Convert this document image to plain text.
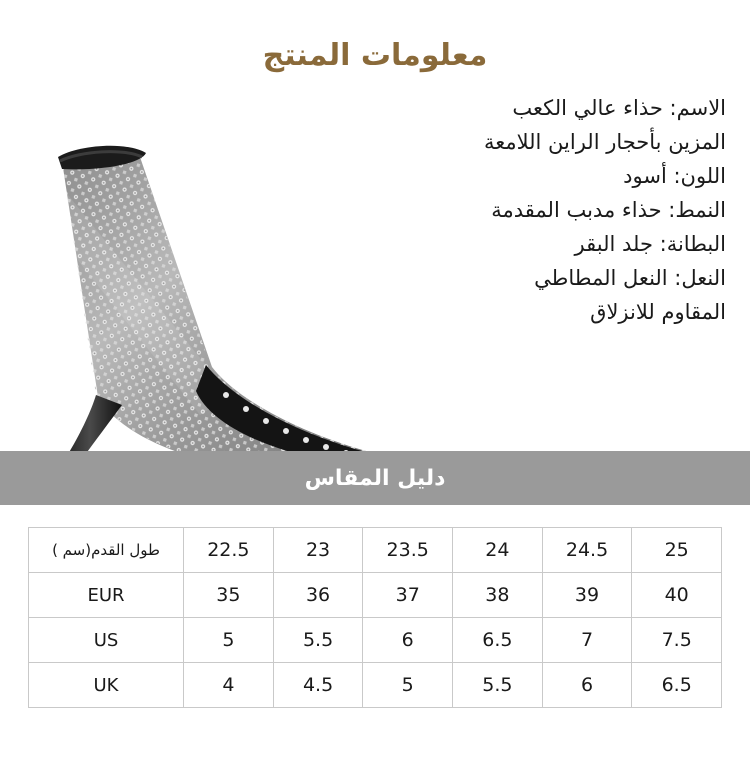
معلومات المنتج
الاسم: حذاء عالي الكعب
المزين بأحجار الراين اللامعة
اللون: أسود
النمط: حذاء مدبب المقدمة
البطانة: جلد البقر
النعل: النعل المطاطي
المقاوم للانزلاق
دليل المقاس
25	24.5	24	23.5	23	22.5	طول القدم(سم )
40	39	38	37	36	35	EUR
7.5	7	6.5	6	5.5	5	US
6.5	6	5.5	5	4.5	4	UK
